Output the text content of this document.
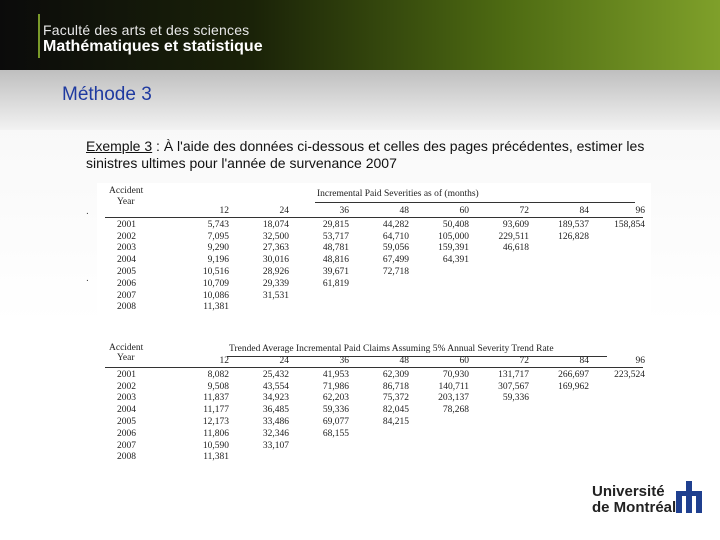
Faculté des arts et des sciences
Mathématiques et statistique
Méthode 3
Exemple 3 : À l'aide des données ci-dessous et celles des pages précédentes, estimer les sinistres ultimes pour l'année de survenance 2007
.
.
Accident
Year
Incremental Paid Severities as of (months)
12	24	36	48	60	72	84	96
2001	5,743	18,074	29,815	44,282	50,408	93,609	189,537	158,854
2002	7,095	32,500	53,717	64,710	105,000	229,511	126,828	
2003	9,290	27,363	48,781	59,056	159,391	46,618		
2004	9,196	30,016	48,816	67,499	64,391			
2005	10,516	28,926	39,671	72,718				
2006	10,709	29,339	61,819					
2007	10,086	31,531						
2008	11,381							
Accident
Year
Trended Average Incremental Paid Claims Assuming 5% Annual Severity Trend Rate
12	24	36	48	60	72	84	96
2001	8,082	25,432	41,953	62,309	70,930	131,717	266,697	223,524
2002	9,508	43,554	71,986	86,718	140,711	307,567	169,962	
2003	11,837	34,923	62,203	75,372	203,137	59,336		
2004	11,177	36,485	59,336	82,045	78,268			
2005	12,173	33,486	69,077	84,215				
2006	11,806	32,346	68,155					
2007	10,590	33,107						
2008	11,381							
Université
de Montréal
